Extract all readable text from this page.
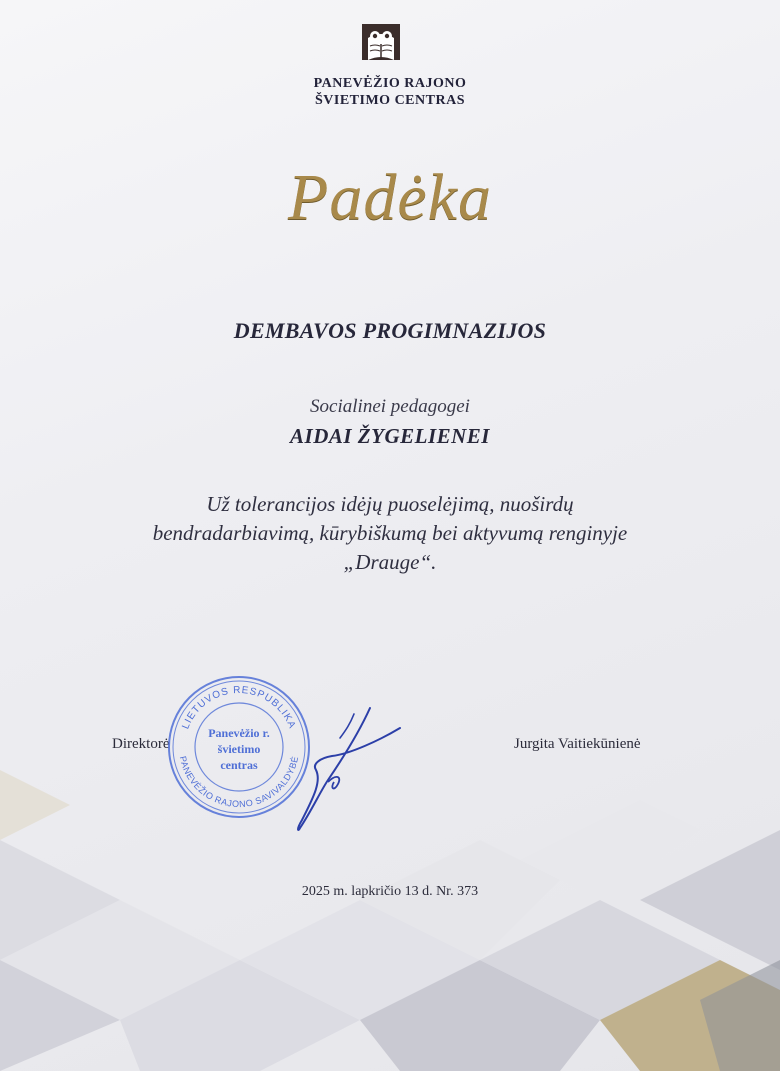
PANEVĖŽIO RAJONO
ŠVIETIMO CENTRAS
Padėka
DEMBAVOS PROGIMNAZIJOS
Socialinei pedagogei
AIDAI ŽYGELIENEI
Už tolerancijos idėjų puoselėjimą, nuoširdų
bendradarbiavimą, kūrybiškumą bei aktyvumą renginyje
„Drauge“.
Direktorė	Jurgita Vaitiekūnienė
LIETUVOS RESPUBLIKA
PANEVĖŽIO RAJONO SAVIVALDYBĖ
Panevėžio r.
švietimo
centras
2025 m. lapkričio 13 d. Nr. 373
